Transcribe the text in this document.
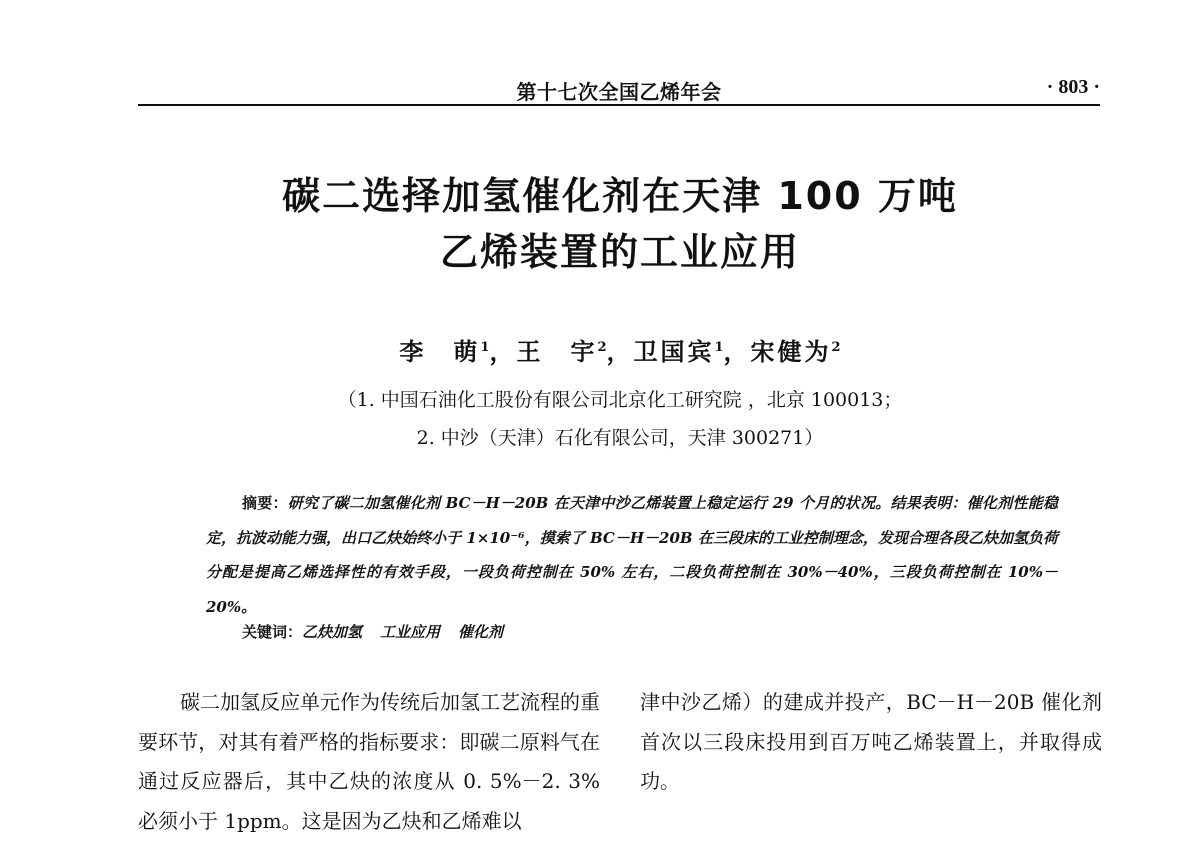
第十七次全国乙烯年会	· 803 ·
碳二选择加氢催化剂在天津 100 万吨
乙烯装置的工业应用
李　萌$^1$，王　宇$^2$，卫国宾$^1$，宋健为$^2$
（1. 中国石油化工股份有限公司北京化工研究院 ，北京 100013；
2. 中沙（天津）石化有限公司，天津 300271）
摘要：研究了碳二加氢催化剂 BC－H－20B 在天津中沙乙烯装置上稳定运行 29 个月的状况。结果表明：催化剂性能稳定，抗波动能力强，出口乙炔始终小于 1×10⁻⁶，摸索了 BC－H－20B 在三段床的工业控制理念，发现合理各段乙炔加氢负荷分配是提高乙烯选择性的有效手段，一段负荷控制在 50% 左右，二段负荷控制在 30%－40%，三段负荷控制在 10%－20%。
关键词：乙炔加氢 工业应用 催化剂

碳二加氢反应单元作为传统后加氢工艺流程的重要环节，对其有着严格的指标要求：即碳二原料气在通过反应器后，其中乙炔的浓度从 0. 5%－2. 3% 必须小于 1ppm。这是因为乙炔和乙烯难以

津中沙乙烯）的建成并投产，BC－H－20B 催化剂首次以三段床投用到百万吨乙烯装置上，并取得成功。
